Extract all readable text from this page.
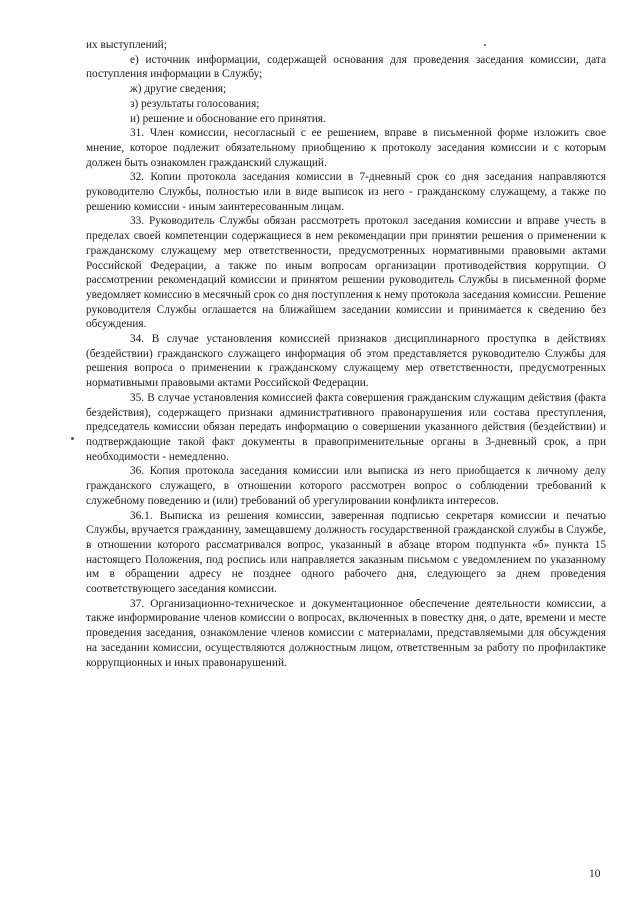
их выступлений;

е) источник информации, содержащей основания для проведения заседания комиссии, дата поступления информации в Службу;

ж) другие сведения;

з) результаты голосования;

и) решение и обоснование его принятия.

31. Член комиссии, несогласный с ее решением, вправе в письменной форме изложить свое мнение, которое подлежит обязательному приобщению к протоколу заседания комиссии и с которым должен быть ознакомлен гражданский служащий.

32. Копии протокола заседания комиссии в 7-дневный срок со дня заседания направляются руководителю Службы, полностью или в виде выписок из него - гражданскому служащему, а также по решению комиссии - иным заинтересованным лицам.

33. Руководитель Службы обязан рассмотреть протокол заседания комиссии и вправе учесть в пределах своей компетенции содержащиеся в нем рекомендации при принятии решения о применении к гражданскому служащему мер ответственности, предусмотренных нормативными правовыми актами Российской Федерации, а также по иным вопросам организации противодействия коррупции. О рассмотрении рекомендаций комиссии и принятом решении руководитель Службы в письменной форме уведомляет комиссию в месячный срок со дня поступления к нему протокола заседания комиссии. Решение руководителя Службы оглашается на ближайшем заседании комиссии и принимается к сведению без обсуждения.

34. В случае установления комиссией признаков дисциплинарного проступка в действиях (бездействии) гражданского служащего информация об этом представляется руководителю Службы для решения вопроса о применении к гражданскому служащему мер ответственности, предусмотренных нормативными правовыми актами Российской Федерации.

35. В случае установления комиссией факта совершения гражданским служащим действия (факта бездействия), содержащего признаки административного правонарушения или состава преступления, председатель комиссии обязан передать информацию о совершении указанного действия (бездействии) и подтверждающие такой факт документы в правоприменительные органы в 3-дневный срок, а при необходимости - немедленно.

36. Копия протокола заседания комиссии или выписка из него приобщается к личному делу гражданского служащего, в отношении которого рассмотрен вопрос о соблюдении требований к служебному поведению и (или) требований об урегулировании конфликта интересов.

36.1. Выписка из решения комиссии, заверенная подписью секретаря комиссии и печатью Службы, вручается гражданину, замещавшему должность государственной гражданской службы в Службе, в отношении которого рассматривался вопрос, указанный в абзаце втором подпункта «б» пункта 15 настоящего Положения, под роспись или направляется заказным письмом с уведомлением по указанному им в обращении адресу не позднее одного рабочего дня, следующего за днем проведения соответствующего заседания комиссии.

37. Организационно-техническое и документационное обеспечение деятельности комиссии, а также информирование членов комиссии о вопросах, включенных в повестку дня, о дате, времени и месте проведения заседания, ознакомление членов комиссии с материалами, представляемыми для обсуждения на заседании комиссии, осуществляются должностным лицом, ответственным за работу по профилактике коррупционных и иных правонарушений.

10
